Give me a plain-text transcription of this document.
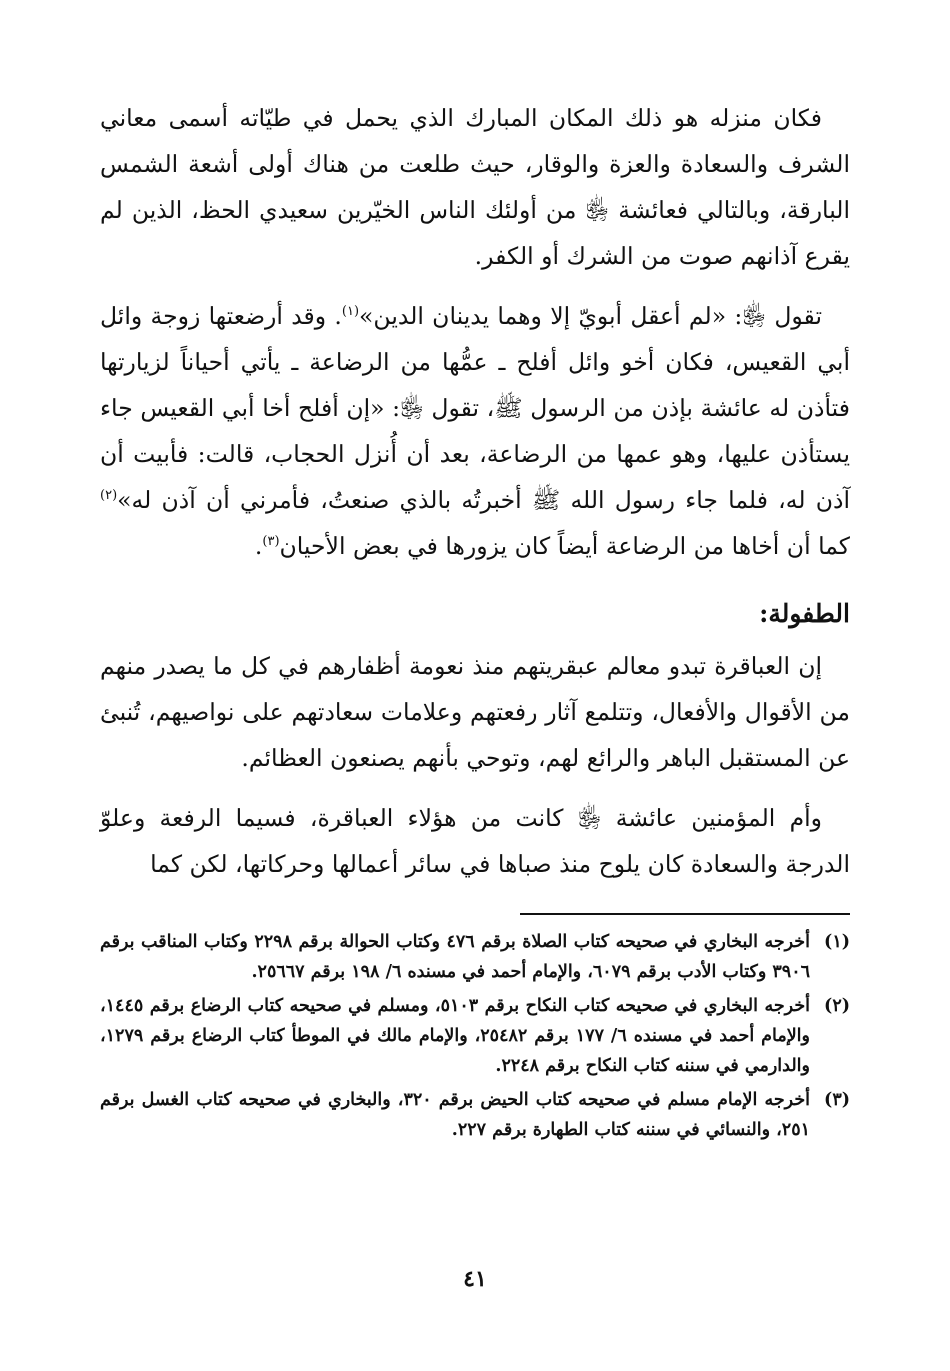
فكان منزله هو ذلك المكان المبارك الذي يحمل في طيّاته أسمى معاني الشرف والسعادة والعزة والوقار، حيث طلعت من هناك أولى أشعة الشمس البارقة، وبالتالي فعائشة ﵂ من أولئك الناس الخيّرين سعيدي الحظ، الذين لم يقرع آذانهم صوت من الشرك أو الكفر.

تقول ﵂: «لم أعقل أبويّ إلا وهما يدينان الدين»$^{(١)}$. وقد أرضعتها زوجة وائل أبي القعيس، فكان أخو وائل أفلح ـ عمُّها من الرضاعة ـ يأتي أحياناً لزيارتها فتأذن له عائشة بإذن من الرسول ﷺ، تقول ﵂: «إن أفلح أخا أبي القعيس جاء يستأذن عليها، وهو عمها من الرضاعة، بعد أن أُنزل الحجاب، قالت: فأبيت أن آذن له، فلما جاء رسول الله ﷺ أخبرتُه بالذي صنعتُ، فأمرني أن آذن له»$^{(٢)}$ كما أن أخاها من الرضاعة أيضاً كان يزورها في بعض الأحيان$^{(٣)}$.

الطفولة:

إن العباقرة تبدو معالم عبقريتهم منذ نعومة أظفارهم في كل ما يصدر منهم من الأقوال والأفعال، وتتلمع آثار رفعتهم وعلامات سعادتهم على نواصيهم، تُنبئ عن المستقبل الباهر والرائع لهم، وتوحي بأنهم يصنعون العظائم.

وأم المؤمنين عائشة ﵂ كانت من هؤلاء العباقرة، فسيما الرفعة وعلوّ الدرجة والسعادة كان يلوح منذ صباها في سائر أعمالها وحركاتها، لكن كما

(١)
أخرجه البخاري في صحيحه كتاب الصلاة برقم ٤٧٦ وكتاب الحوالة برقم ٢٢٩٨ وكتاب المناقب برقم ٣٩٠٦ وكتاب الأدب برقم ٦٠٧٩، والإمام أحمد في مسنده ٦/ ١٩٨ برقم ٢٥٦٦٧.
(٢)
أخرجه البخاري في صحيحه كتاب النكاح برقم ٥١٠٣، ومسلم في صحيحه كتاب الرضاع برقم ١٤٤٥، والإمام أحمد في مسنده ٦/ ١٧٧ برقم ٢٥٤٨٢، والإمام مالك في الموطأ كتاب الرضاع برقم ١٢٧٩، والدارمي في سننه كتاب النكاح برقم ٢٢٤٨.
(٣)
أخرجه الإمام مسلم في صحيحه كتاب الحيض برقم ٣٢٠، والبخاري في صحيحه كتاب الغسل برقم ٢٥١، والنسائي في سننه كتاب الطهارة برقم ٢٢٧.
٤١
